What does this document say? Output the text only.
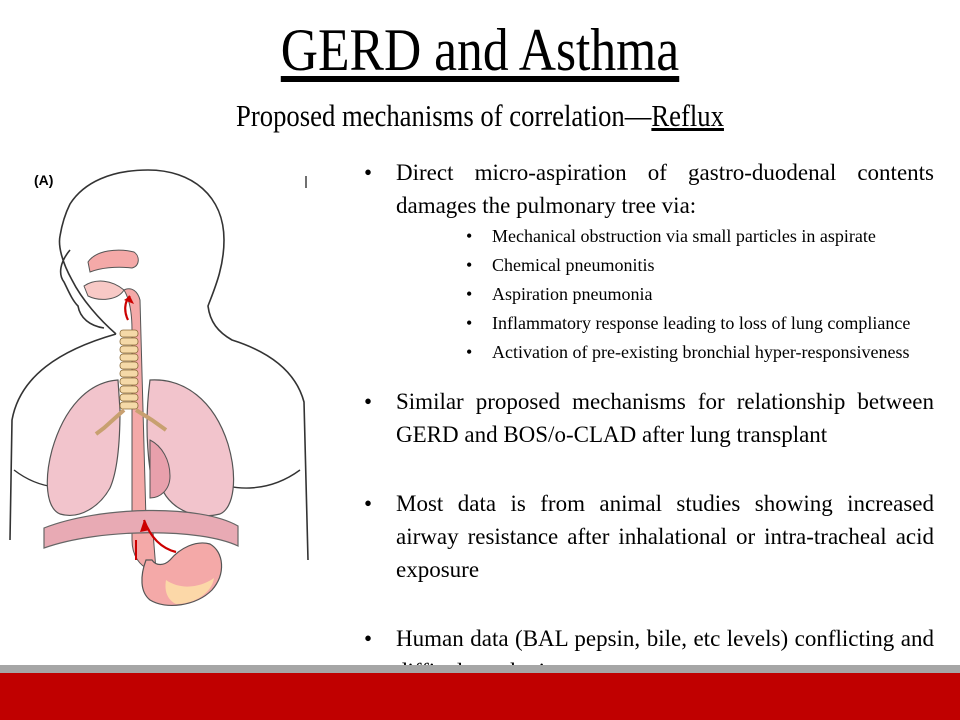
GERD and Asthma
Proposed mechanisms of correlation—Reflux
(A)	• Direct micro-aspiration of gastro-duodenal contents damages the pulmonary tree via:
• Mechanical obstruction via small particles in aspirate
• Chemical pneumonitis
• Aspiration pneumonia
• Inflammatory response leading to loss of lung compliance
• Activation of pre-existing bronchial hyper-responsiveness
• Similar proposed mechanisms for relationship between GERD and BOS/o-CLAD after lung transplant
• Most data is from animal studies showing increased airway resistance after inhalational or intra-tracheal acid exposure
• Human data (BAL pepsin, bile, etc levels) conflicting and
